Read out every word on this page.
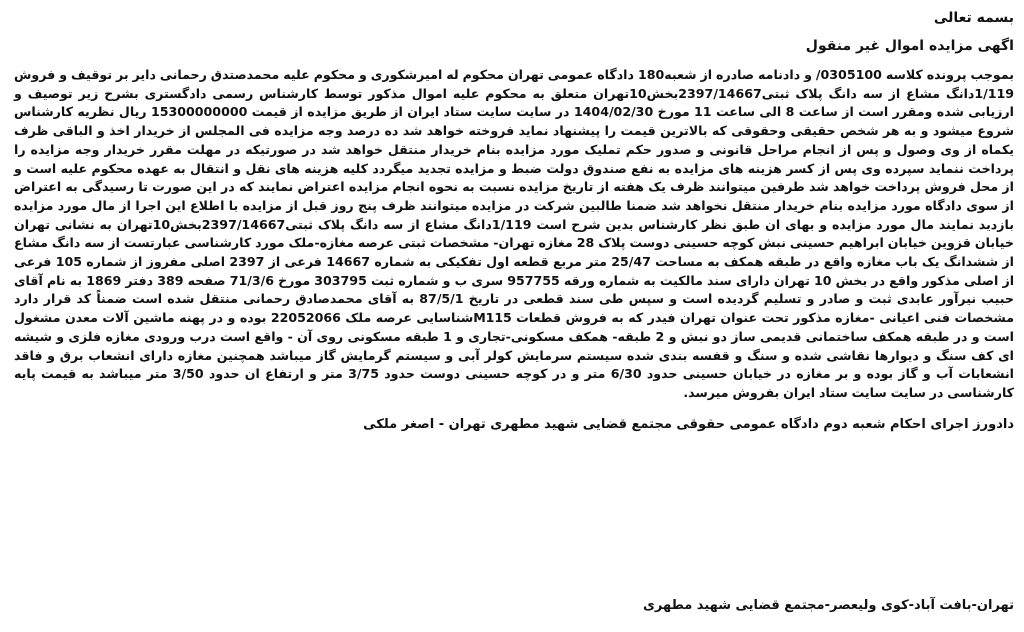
بسمه تعالی

اگهی مزایده اموال غیر منقول

بموجب پرونده کلاسه 0305100/ و دادنامه صادره از شعبه180 دادگاه عمومی تهران محکوم له امیرشکوری و محکوم علیه محمدصتدق رحمانی دایر بر توقیف و فروش 1/119دانگ مشاع از سه دانگ پلاک ثبتی2397/14667بخش10تهران متعلق به محکوم علیه اموال مذکور توسط کارشناس رسمی دادگستری بشرح زیر توصیف و ارزیابی شده ومقرر است از ساعت 8 الی ساعت 11 مورخ 1404/02/30 در سایت سایت ستاد ایران از طریق مزایده از قیمت 15300000000 ریال نظریه کارشناس شروع میشود و به هر شخص حقیقی وحقوقی که بالاترین قیمت را پیشنهاد نماید فروخته خواهد شد ده درصد وجه مزایده فی المجلس از خریدار اخذ و الباقی ظرف یکماه از وی وصول و پس از انجام مراحل قانونی و صدور حکم تملیک مورد مزایده بنام خریدار منتقل خواهد شد در صورتیکه در مهلت مقرر خریدار وجه مزایده را پرداخت ننماید سپرده وی پس از کسر هزینه های مزایده به نفع صندوق دولت ضبط و مزایده تجدید میگردد کلیه هزینه های نقل و انتقال به عهده محکوم علیه است و از محل فروش پرداخت خواهد شد طرفین میتوانند ظرف یک هفته از تاریخ مزایده نسبت به نحوه انجام مزایده اعتراض نمایند که در این صورت تا رسیدگی به اعتراض از سوی دادگاه مورد مزایده بنام خریدار منتقل نخواهد شد ضمنا طالبین شرکت در مزایده میتوانند ظرف پنج روز قبل از مزایده با اطلاع این اجرا از مال مورد مزایده بازدید نمایند مال مورد مزایده و بهای ان طبق نظر کارشناس بدین شرح است 1/119دانگ مشاع از سه دانگ پلاک ثبتی2397/14667بخش10تهران به نشانی تهران خیابان قزوین خیابان ابراهیم حسینی نبش کوچه حسینی دوست پلاک 28 مغازه تهران- مشخصات ثبتی عرصه مغازه-ملک مورد کارشناسی عبارتست از سه دانگ مشاع از ششدانگ یک باب مغازه واقع در طبقه همکف به مساحت 25/47 متر مربع قطعه اول تفکیکی به شماره 14667 فرعی از 2397 اصلی مفروز از شماره 105 فرعی از اصلی مذکور واقع در بخش 10 تهران دارای سند مالکیت به شماره ورقه 957755 سری ب و شماره ثبت 303795 مورخ 71/3/6 صفحه 389 دفتر 1869 به نام آقای حبیب نیرآور عابدی ثبت و صادر و تسلیم گردیده است و سپس طی سند قطعی در تاریخ 87/5/1 به آقای محمدصادق رحمانی منتقل شده است ضمناً کد قرار دارد مشخصات فنی اعیانی -مغازه مذکور تحت عنوان تهران فیدر که به فروش قطعات M115شناسایی عرصه ملک 22052066 بوده و در پهنه ماشین آلات معدن مشغول است و در طبقه همکف ساختمانی قدیمی ساز دو نبش و 2 طبقه- همکف مسکونی-تجاری و 1 طبقه مسکونی روی آن - واقع است درب ورودی مغازه فلزی و شیشه ای کف سنگ و دیوارها نقاشی شده و سنگ و قفسه بندی شده سیستم سرمایش کولر آبی و سیستم گرمایش گاز میباشد همچنین مغازه دارای انشعاب برق و فاقد انشعابات آب و گاز بوده و بر مغازه در خیابان حسینی حدود 6/30 متر و در کوچه حسینی دوست حدود 3/75 متر و ارتفاع ان حدود 3/50 متر میباشد به قیمت پایه کارشناسی در سایت سایت ستاد ایران بفروش میرسد.

دادورز اجرای احکام شعبه دوم دادگاه عمومی حقوقی مجتمع قضایی شهید مطهری تهران - اصغر ملکی

تهران-بافت آباد-کوی ولیعصر-مجتمع قضایی شهید مطهری
